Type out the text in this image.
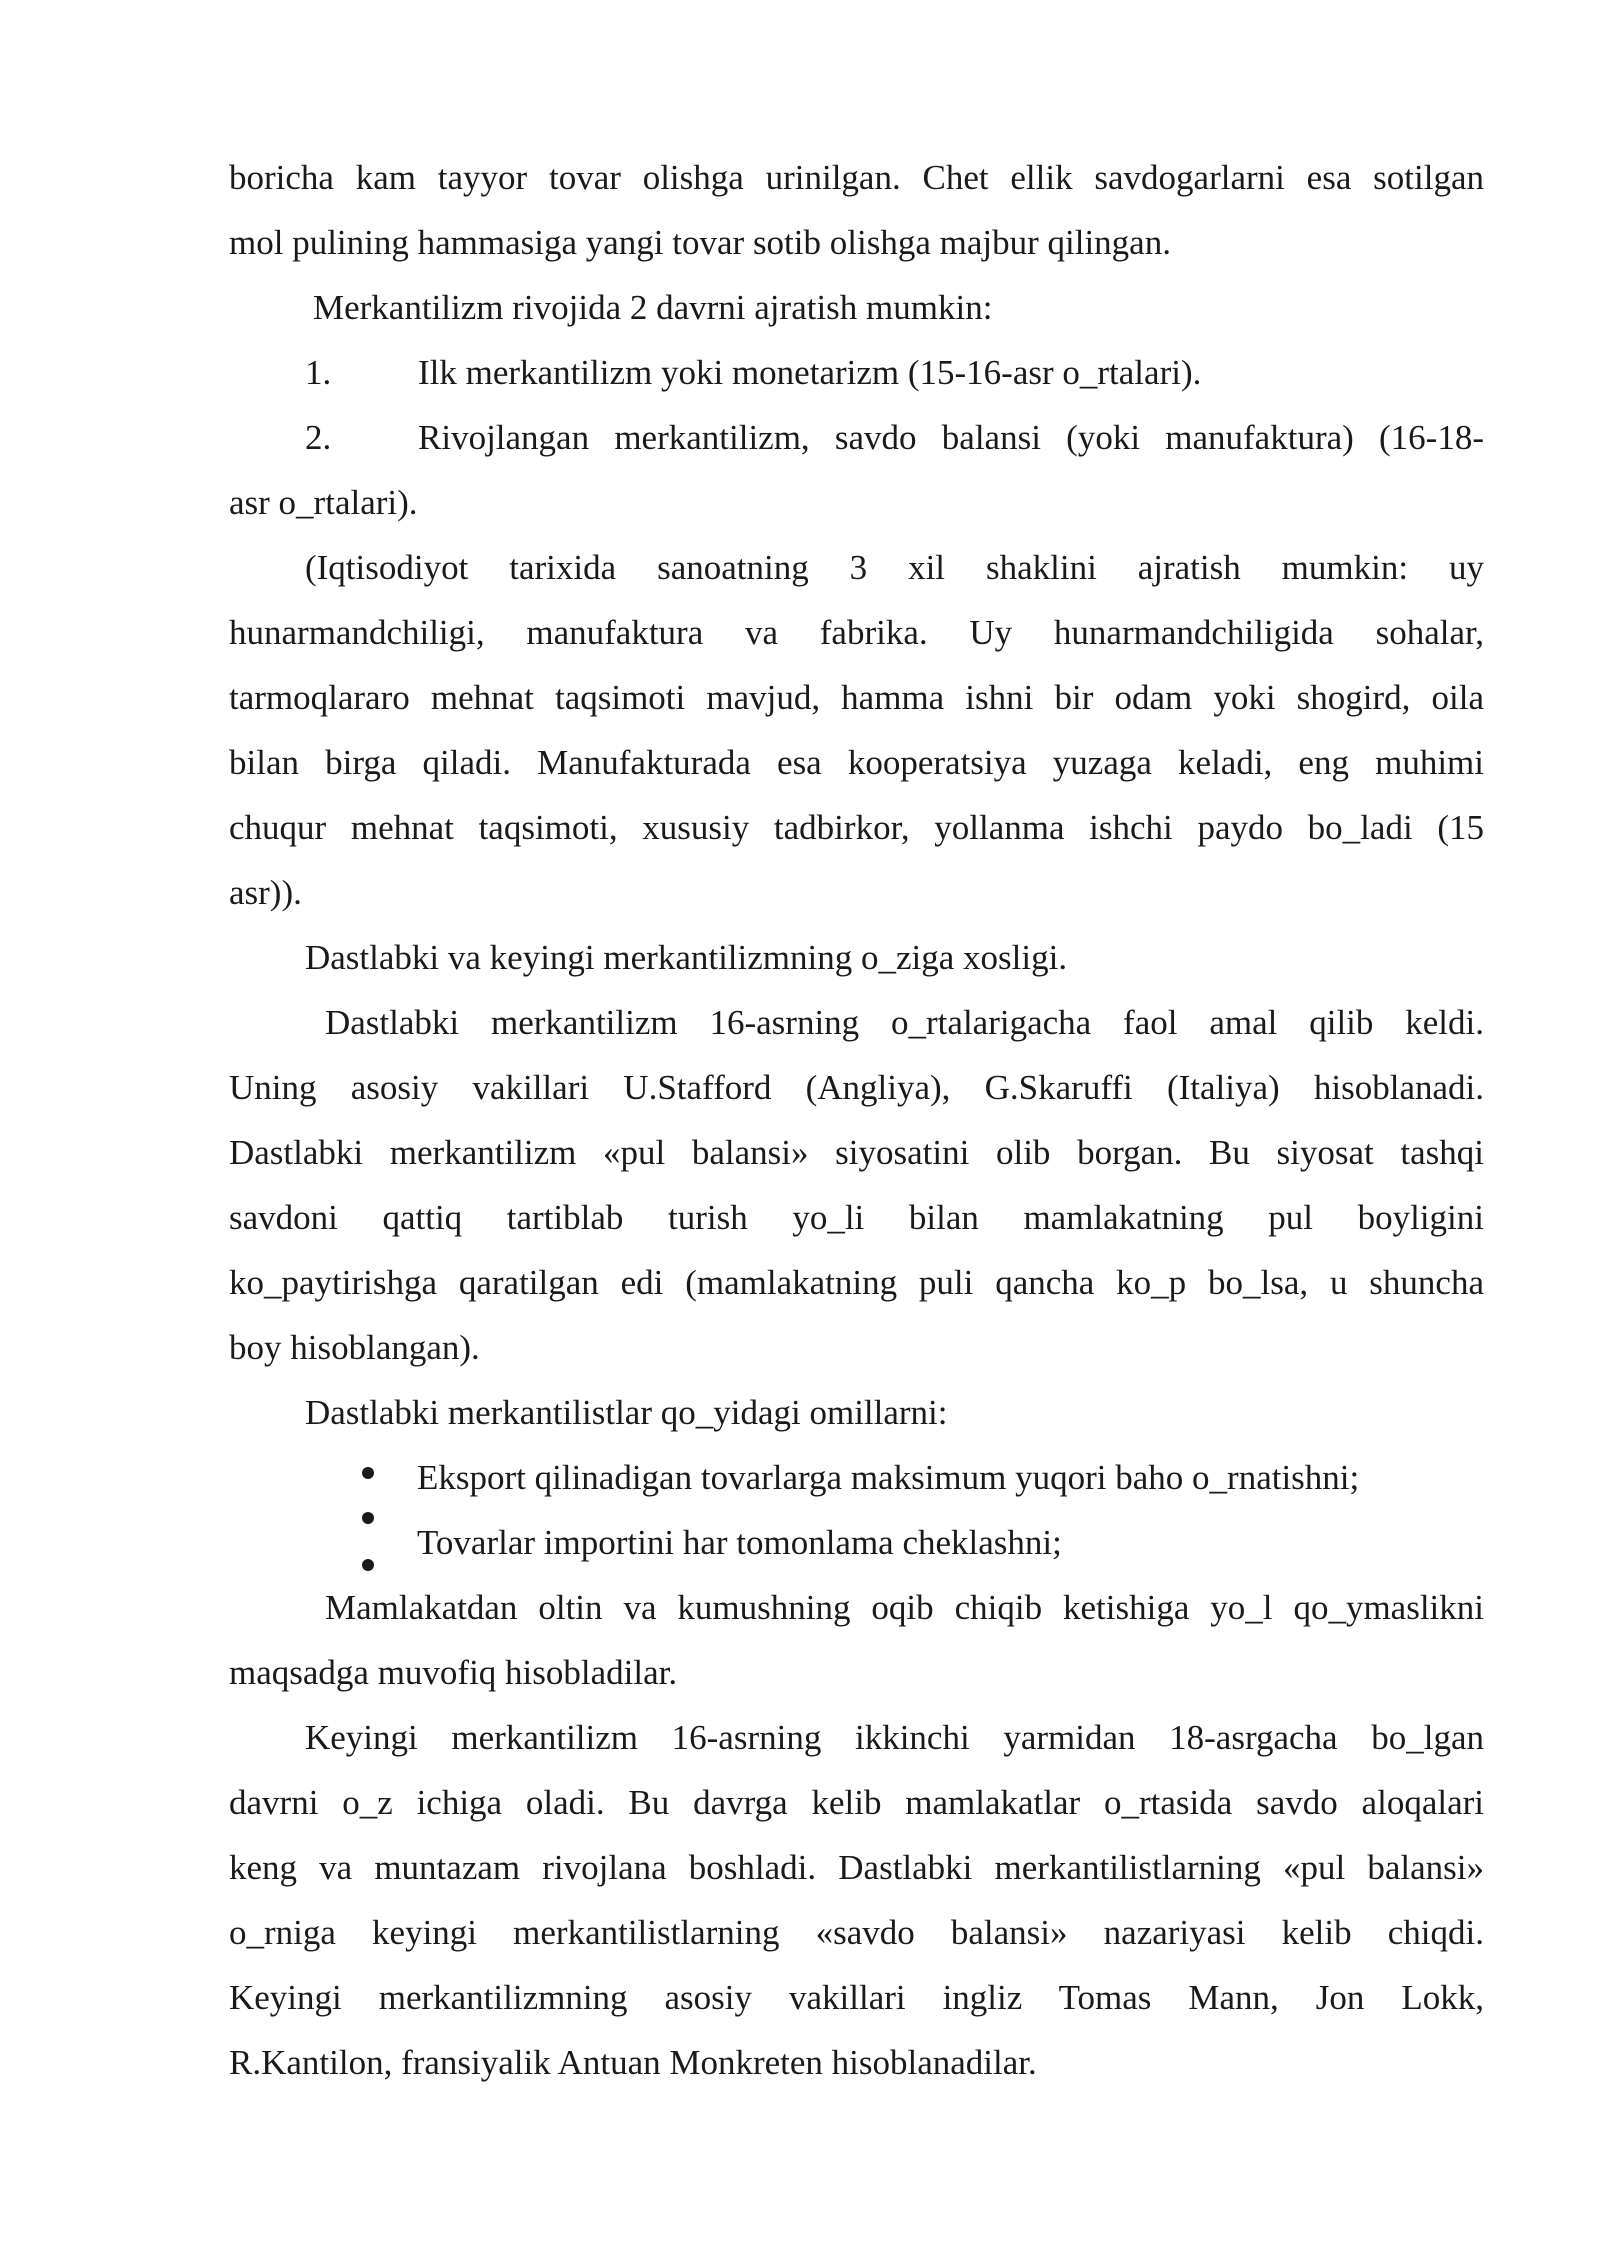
boricha kam tayyor tovar olishga urinilgan. Chet ellik savdogarlarni esa sotilgan
mol pulining hammasiga yangi tovar sotib olishga majbur qilingan.
Merkantilizm rivojida 2 davrni ajratish mumkin:
1. Ilk merkantilizm yoki monetarizm (15-16-asr o_rtalari).
2.	Rivojlangan merkantilizm, savdo balansi (yoki manufaktura) (16-18-
asr o_rtalari).
(Iqtisodiyot tarixida sanoatning 3 xil shaklini ajratish mumkin: uy
hunarmandchiligi, manufaktura va fabrika. Uy hunarmandchiligida sohalar,
tarmoqlararo mehnat taqsimoti mavjud, hamma ishni bir odam yoki shogird, oila
bilan birga qiladi. Manufakturada esa kooperatsiya yuzaga keladi, eng muhimi
chuqur mehnat taqsimoti, xususiy tadbirkor, yollanma ishchi paydo bo_ladi (15
asr)).
Dastlabki va keyingi merkantilizmning o_ziga xosligi.
Dastlabki merkantilizm 16-asrning o_rtalarigacha faol amal qilib keldi.
Uning asosiy vakillari U.Stafford (Angliya), G.Skaruffi (Italiya) hisoblanadi.
Dastlabki merkantilizm «pul balansi» siyosatini olib borgan. Bu siyosat tashqi
savdoni qattiq tartiblab turish yo_li bilan mamlakatning pul boyligini
ko_paytirishga qaratilgan edi (mamlakatning puli qancha ko_p bo_lsa, u shuncha
boy hisoblangan).
Dastlabki merkantilistlar qo_yidagi omillarni:
Eksport qilinadigan tovarlarga maksimum yuqori baho o_rnatishni;
Tovarlar importini har tomonlama cheklashni;
Mamlakatdan oltin va kumushning oqib chiqib ketishiga yo_l qo_ymaslikni
maqsadga muvofiq hisobladilar.
Keyingi merkantilizm 16-asrning ikkinchi yarmidan 18-asrgacha bo_lgan
davrni o_z ichiga oladi. Bu davrga kelib mamlakatlar o_rtasida savdo aloqalari
keng va muntazam rivojlana boshladi. Dastlabki merkantilistlarning «pul balansi»
o_rniga keyingi merkantilistlarning «savdo balansi» nazariyasi kelib chiqdi.
Keyingi merkantilizmning asosiy vakillari ingliz Tomas Mann, Jon Lokk,
R.Kantilon, fransiyalik Antuan Monkreten hisoblanadilar.
